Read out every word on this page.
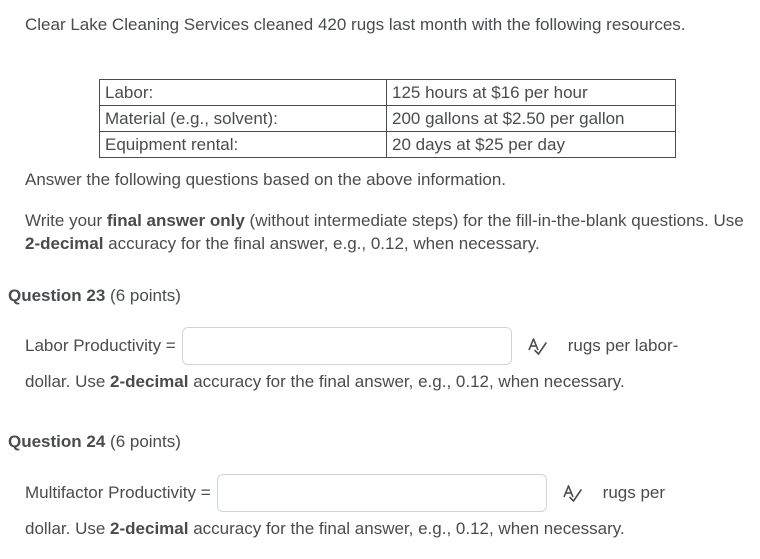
Clear Lake Cleaning Services cleaned 420 rugs last month with the following resources.

Labor:	125 hours at $16 per hour
Material (e.g., solvent):	200 gallons at $2.50 per gallon
Equipment rental:	20 days at $25 per day

Answer the following questions based on the above information.

Write your final answer only (without intermediate steps) for the fill-in-the-blank questions. Use 2-decimal accuracy for the final answer, e.g., 0.12, when necessary.

Question 23 (6 points)

Labor Productivity =	rugs per labor-

dollar. Use 2-decimal accuracy for the final answer, e.g., 0.12, when necessary.

Question 24 (6 points)

Multifactor Productivity =	rugs per

dollar. Use 2-decimal accuracy for the final answer, e.g., 0.12, when necessary.
